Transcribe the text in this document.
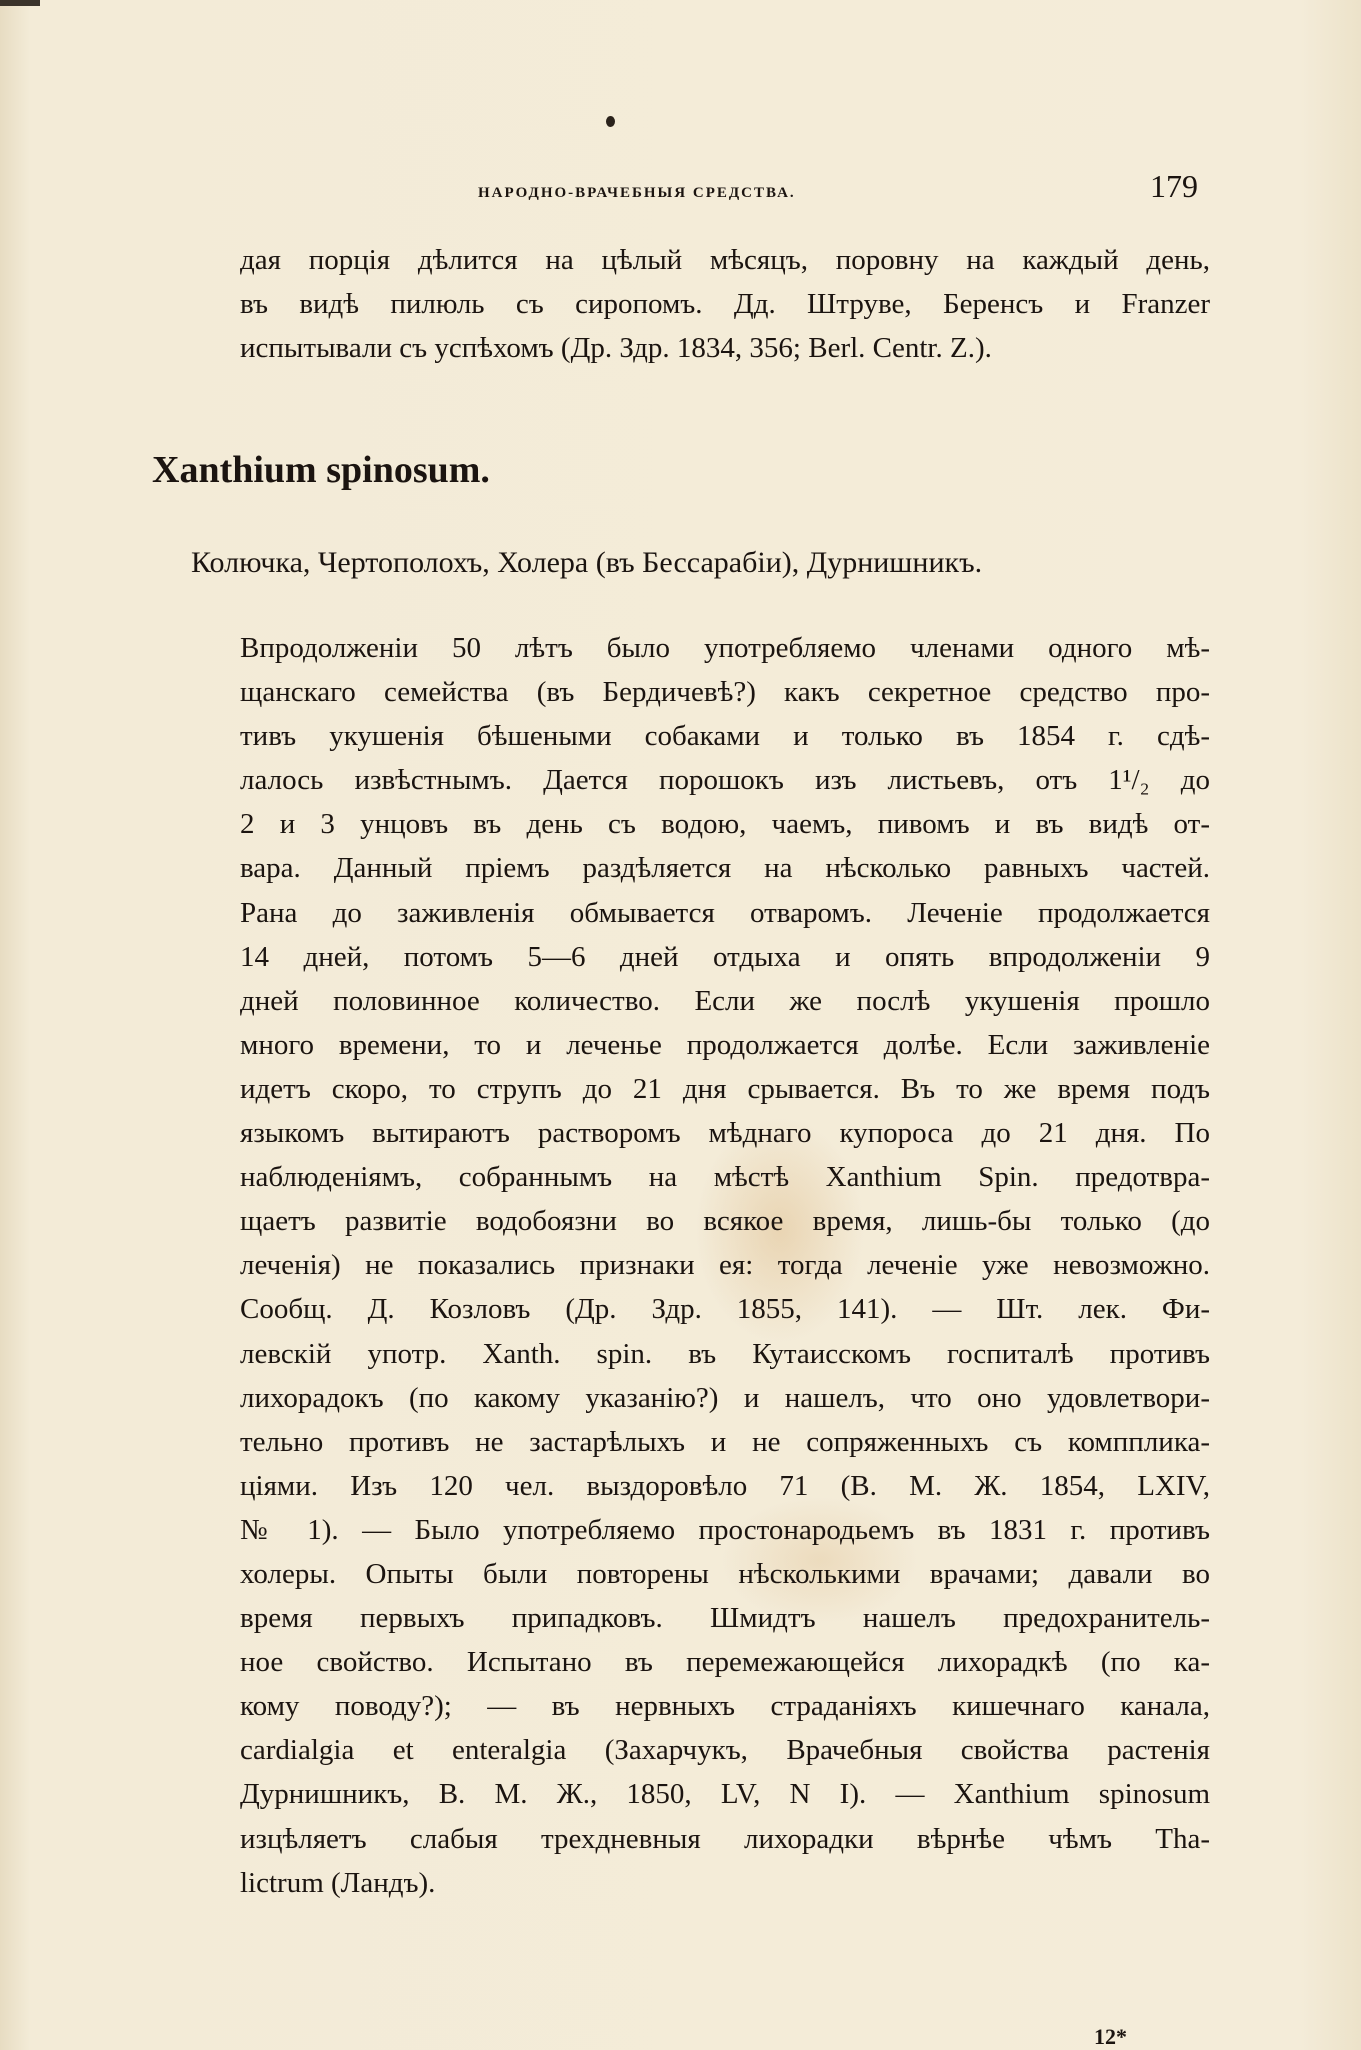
НАРОДНО-ВРАЧЕБНЫЯ СРЕДСТВА.	179
дая порція дѣлится на цѣлый мѣсяцъ, поровну на каждый день,
въ видѣ пилюль съ сиропомъ. Дд. Штруве, Беренсъ и Franzer
испытывали съ успѣхомъ (Др. Здр. 1834, 356; Berl. Centr. Z.).
Xanthium spinosum.
Колючка, Чертополохъ, Холера (въ Бессарабіи), Дурнишникъ.
Впродолженіи 50 лѣтъ было употребляемо членами одного мѣ-
щанскаго семейства (въ Бердичевѣ?) какъ секретное средство про-
тивъ укушенія бѣшеными собаками и только въ 1854 г. сдѣ-
лалось извѣстнымъ. Дается порошокъ изъ листьевъ, отъ 1¹/₂ до
2 и 3 унцовъ въ день съ водою, чаемъ, пивомъ и въ видѣ от-
вара. Данный пріемъ раздѣляется на нѣсколько равныхъ частей.
Рана до заживленія обмывается отваромъ. Леченіе продолжается
14 дней, потомъ 5—6 дней отдыха и опять впродолженіи 9
дней половинное количество. Если же послѣ укушенія прошло
много времени, то и леченье продолжается долѣе. Если заживленіе
идетъ скоро, то струпъ до 21 дня срывается. Въ то же время подъ
языкомъ вытираютъ растворомъ мѣднаго купороса до 21 дня. По
наблюденіямъ, собраннымъ на мѣстѣ Xanthium Spin. предотвра-
щаетъ развитіе водобоязни во всякое время, лишь-бы только (до
леченія) не показались признаки ея: тогда леченіе уже невозможно.
Сообщ. Д. Козловъ (Др. Здр. 1855, 141). — Шт. лек. Фи-
левскій употр. Xanth. spin. въ Кутаисскомъ госпиталѣ противъ
лихорадокъ (по какому указанію?) и нашелъ, что оно удовлетвори-
тельно противъ не застарѣлыхъ и не сопряженныхъ съ компплика-
ціями. Изъ 120 чел. выздоровѣло 71 (В. М. Ж. 1854, LXIV,
№ 1). — Было употребляемо простонародьемъ въ 1831 г. противъ
холеры. Опыты были повторены нѣсколькими врачами; давали во
время первыхъ припадковъ. Шмидтъ нашелъ предохранитель-
ное свойство. Испытано въ перемежающейся лихорадкѣ (по ка-
кому поводу?); — въ нервныхъ страданіяхъ кишечнаго канала,
cardialgia et enteralgia (Захарчукъ, Врачебныя свойства растенія
Дурнишникъ, В. М. Ж., 1850, LV, N I). — Xanthium spinosum
изцѣляетъ слабыя трехдневныя лихорадки вѣрнѣе чѣмъ Tha-
lictrum (Ландъ).
12*
